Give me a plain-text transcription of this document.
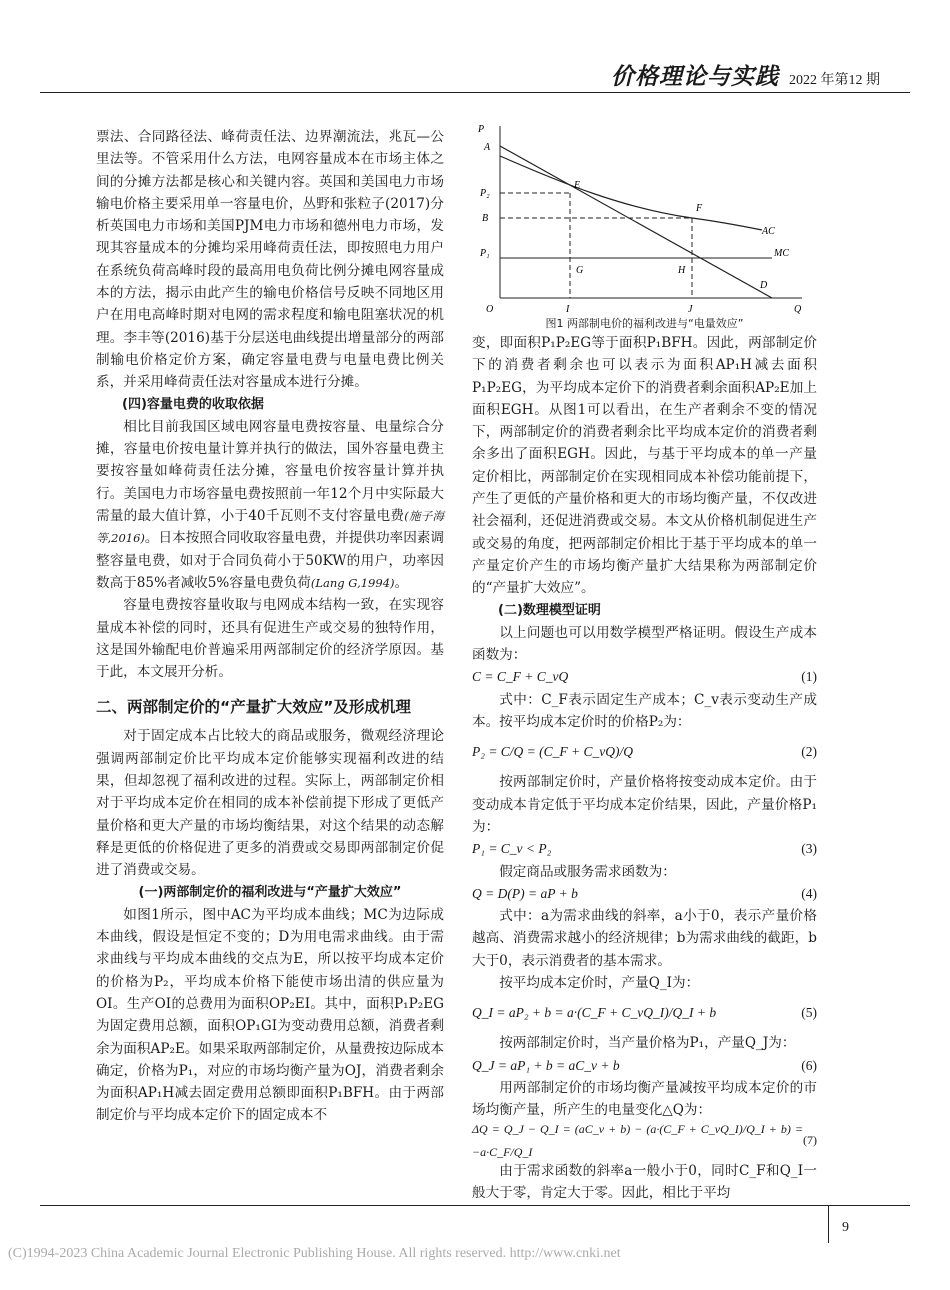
价格理论与实践 2022 年第12 期

票法、合同路径法、峰荷责任法、边界潮流法，兆瓦—公里法等。不管采用什么方法，电网容量成本在市场主体之间的分摊方法都是核心和关键内容。英国和美国电力市场输电价格主要采用单一容量电价，丛野和张粒子(2017)分析英国电力市场和美国PJM电力市场和德州电力市场，发现其容量成本的分摊均采用峰荷责任法，即按照电力用户在系统负荷高峰时段的最高用电负荷比例分摊电网容量成本的方法，揭示由此产生的输电价格信号反映不同地区用户在用电高峰时期对电网的需求程度和输电阻塞状况的机理。李丰等(2016)基于分层送电曲线提出增量部分的两部制输电价格定价方案，确定容量电费与电量电费比例关系，并采用峰荷责任法对容量成本进行分摊。

(四)容量电费的收取依据

相比目前我国区域电网容量电费按容量、电量综合分摊，容量电价按电量计算并执行的做法，国外容量电费主要按容量如峰荷责任法分摊，容量电价按容量计算并执行。美国电力市场容量电费按照前一年12个月中实际最大需量的最大值计算，小于40千瓦则不支付容量电费(施子海等,2016)。日本按照合同收取容量电费，并提供功率因素调整容量电费，如对于合同负荷小于50KW的用户，功率因数高于85%者减收5%容量电费负荷(Lang G,1994)。

容量电费按容量收取与电网成本结构一致，在实现容量成本补偿的同时，还具有促进生产或交易的独特作用，这是国外输配电价普遍采用两部制定价的经济学原因。基于此，本文展开分析。

二、两部制定价的“产量扩大效应”及形成机理

对于固定成本占比较大的商品或服务，微观经济理论强调两部制定价比平均成本定价能够实现福利改进的结果，但却忽视了福利改进的过程。实际上，两部制定价相对于平均成本定价在相同的成本补偿前提下形成了更低产量价格和更大产量的市场均衡结果，对这个结果的动态解释是更低的价格促进了更多的消费或交易即两部制定价促进了消费或交易。

(一)两部制定价的福利改进与“产量扩大效应”

如图1所示，图中AC为平均成本曲线；MC为边际成本曲线，假设是恒定不变的；D为用电需求曲线。由于需求曲线与平均成本曲线的交点为E，所以按平均成本定价的价格为P₂，平均成本价格下能使市场出清的供应量为OI。生产OI的总费用为面积OP₂EI。其中，面积P₁P₂EG为固定费用总额，面积OP₁GI为变动费用总额，消费者剩余为面积AP₂E。如果采取两部制定价，从量费按边际成本确定，价格为P₁，对应的市场均衡产量为OJ，消费者剩余为面积AP₁H减去固定费用总额即面积P₁BFH。由于两部制定价与平均成本定价下的固定成本不

P
Q
O
A
P₂
B
P₁
E
F
G	H
I	J
AC
MC
D

图1 两部制电价的福利改进与“电量效应”

变，即面积P₁P₂EG等于面积P₁BFH。因此，两部制定价下的消费者剩余也可以表示为面积AP₁H减去面积P₁P₂EG，为平均成本定价下的消费者剩余面积AP₂E加上面积EGH。从图1可以看出，在生产者剩余不变的情况下，两部制定价的消费者剩余比平均成本定价的消费者剩余多出了面积EGH。因此，与基于平均成本的单一产量定价相比，两部制定价在实现相同成本补偿功能前提下，产生了更低的产量价格和更大的市场均衡产量，不仅改进社会福利，还促进消费或交易。本文从价格机制促进生产或交易的角度，把两部制定价相比于基于平均成本的单一产量定价产生的市场均衡产量扩大结果称为两部制定价的“产量扩大效应”。

(二)数理模型证明

以上问题也可以用数学模型严格证明。假设生产成本函数为：

C = C_F + C_vQ	(1)

式中：C_F表示固定生产成本；C_v表示变动生产成本。按平均成本定价时的价格P₂为：

P₂ = C/Q = (C_F + C_vQ)/Q	(2)

按两部制定价时，产量价格将按变动成本定价。由于变动成本肯定低于平均成本定价结果，因此，产量价格P₁为：

P₁ = C_v < P₂	(3)

假定商品或服务需求函数为：

Q = D(P) = aP + b	(4)

式中：a为需求曲线的斜率，a小于0，表示产量价格越高、消费需求越小的经济规律；b为需求曲线的截距，b大于0，表示消费者的基本需求。

按平均成本定价时，产量Q_I为：

Q_I = aP₂ + b = a·(C_F + C_vQ_I)/Q_I + b	(5)

按两部制定价时，当产量价格为P₁，产量Q_J为：

Q_J = aP₁ + b = aC_v + b	(6)

用两部制定价的市场均衡产量减按平均成本定价的市场均衡产量，所产生的电量变化△Q为：

ΔQ = Q_J − Q_I = (aC_v + b) − (a·(C_F + C_vQ_I)/Q_I + b) = −a·C_F/Q_I
(7)

由于需求函数的斜率a一般小于0，同时C_F和Q_I一般大于零，肯定大于零。因此，相比于平均

9
(C)1994-2023 China Academic Journal Electronic Publishing House. All rights reserved. http://www.cnki.net
